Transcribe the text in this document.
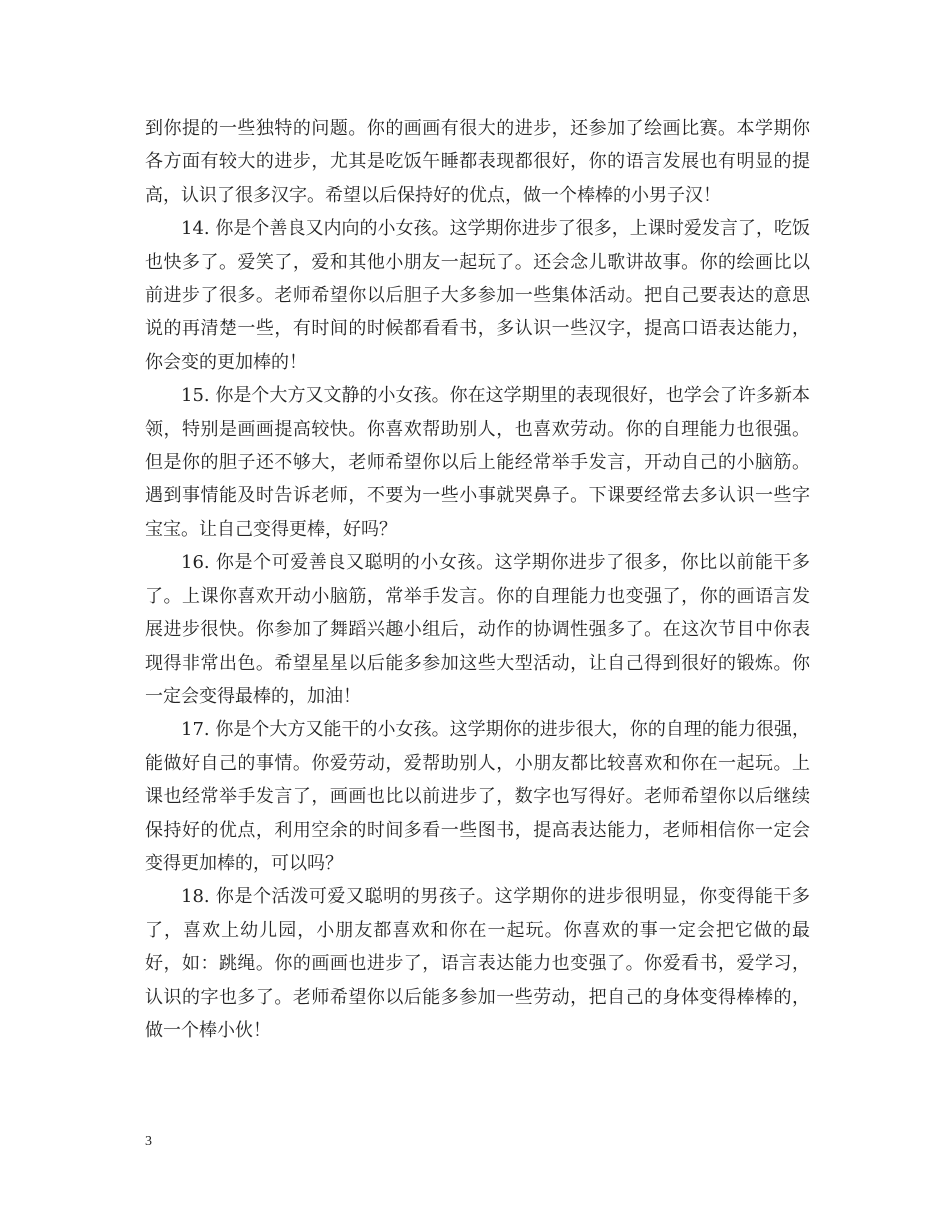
到你提的一些独特的问题。你的画画有很大的进步，还参加了绘画比赛。本学期你各方面有较大的进步，尤其是吃饭午睡都表现都很好，你的语言发展也有明显的提高，认识了很多汉字。希望以后保持好的优点，做一个棒棒的小男子汉！

14. 你是个善良又内向的小女孩。这学期你进步了很多，上课时爱发言了，吃饭也快多了。爱笑了，爱和其他小朋友一起玩了。还会念儿歌讲故事。你的绘画比以前进步了很多。老师希望你以后胆子大多参加一些集体活动。把自己要表达的意思说的再清楚一些，有时间的时候都看看书，多认识一些汉字，提高口语表达能力，你会变的更加棒的！

15. 你是个大方又文静的小女孩。你在这学期里的表现很好，也学会了许多新本领，特别是画画提高较快。你喜欢帮助别人，也喜欢劳动。你的自理能力也很强。但是你的胆子还不够大，老师希望你以后上能经常举手发言，开动自己的小脑筋。遇到事情能及时告诉老师，不要为一些小事就哭鼻子。下课要经常去多认识一些字宝宝。让自己变得更棒，好吗？

16. 你是个可爱善良又聪明的小女孩。这学期你进步了很多，你比以前能干多了。上课你喜欢开动小脑筋，常举手发言。你的自理能力也变强了，你的画语言发展进步很快。你参加了舞蹈兴趣小组后，动作的协调性强多了。在这次节目中你表现得非常出色。希望星星以后能多参加这些大型活动，让自己得到很好的锻炼。你一定会变得最棒的，加油！

17. 你是个大方又能干的小女孩。这学期你的进步很大，你的自理的能力很强，能做好自己的事情。你爱劳动，爱帮助别人，小朋友都比较喜欢和你在一起玩。上课也经常举手发言了，画画也比以前进步了，数字也写得好。老师希望你以后继续保持好的优点，利用空余的时间多看一些图书，提高表达能力，老师相信你一定会变得更加棒的，可以吗？

18. 你是个活泼可爱又聪明的男孩子。这学期你的进步很明显，你变得能干多了，喜欢上幼儿园，小朋友都喜欢和你在一起玩。你喜欢的事一定会把它做的最好，如：跳绳。你的画画也进步了，语言表达能力也变强了。你爱看书，爱学习，认识的字也多了。老师希望你以后能多参加一些劳动，把自己的身体变得棒棒的，做一个棒小伙！

3
